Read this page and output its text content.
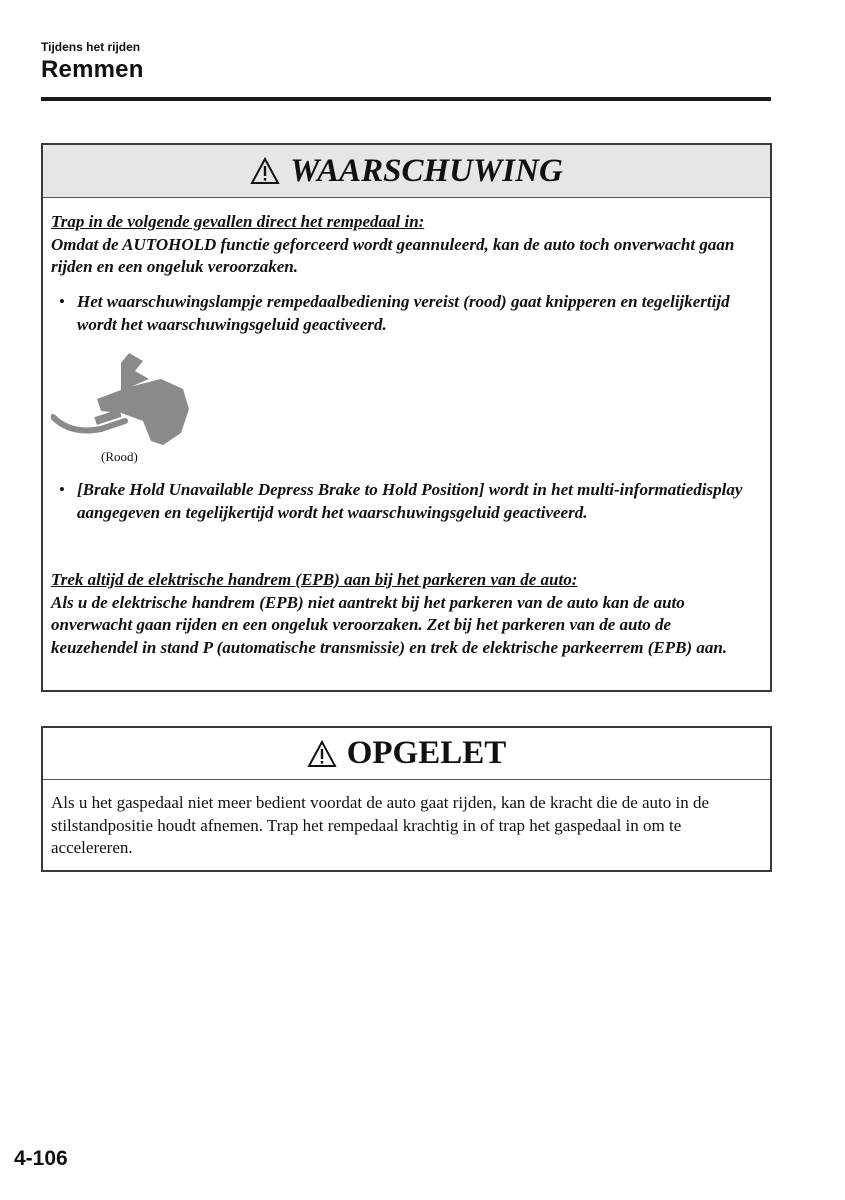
Tijdens het rijden
Remmen
WAARSCHUWING

Trap in de volgende gevallen direct het rempedaal in:
Omdat de AUTOHOLD functie geforceerd wordt geannuleerd, kan de auto toch onverwacht gaan rijden en een ongeluk veroorzaken.

• Het waarschuwingslampje rempedaalbediening vereist (rood) gaat knipperen en tegelijkertijd wordt het waarschuwingsgeluid geactiveerd.
(Rood)
• [Brake Hold Unavailable Depress Brake to Hold Position] wordt in het multi-informatiedisplay aangegeven en tegelijkertijd wordt het waarschuwingsgeluid geactiveerd.

Trek altijd de elektrische handrem (EPB) aan bij het parkeren van de auto:
Als u de elektrische handrem (EPB) niet aantrekt bij het parkeren van de auto kan de auto onverwacht gaan rijden en een ongeluk veroorzaken. Zet bij het parkeren van de auto de keuzehendel in stand P (automatische transmissie) en trek de elektrische parkeerrem (EPB) aan.

OPGELET

Als u het gaspedaal niet meer bedient voordat de auto gaat rijden, kan de kracht die de auto in de stilstandpositie houdt afnemen. Trap het rempedaal krachtig in of trap het gaspedaal in om te accelereren.

4-106
